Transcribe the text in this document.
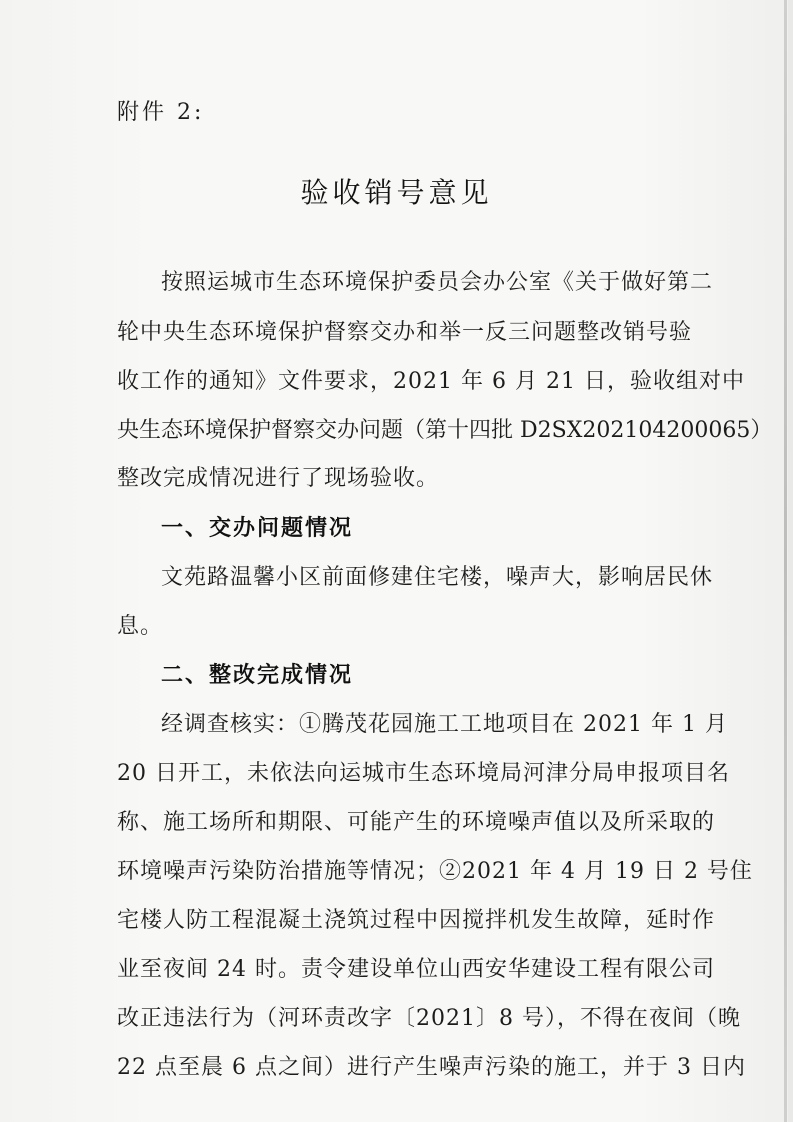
附件 2:
验收销号意见
按照运城市生态环境保护委员会办公室《关于做好第二
轮中央生态环境保护督察交办和举一反三问题整改销号验
收工作的通知》文件要求，2021 年 6 月 21 日，验收组对中
央生态环境保护督察交办问题（第十四批 D2SX202104200065）
整改完成情况进行了现场验收。
一、交办问题情况
文苑路温馨小区前面修建住宅楼，噪声大，影响居民休
息。
二、整改完成情况
经调查核实：①腾茂花园施工工地项目在 2021 年 1 月
20 日开工，未依法向运城市生态环境局河津分局申报项目名
称、施工场所和期限、可能产生的环境噪声值以及所采取的
环境噪声污染防治措施等情况；②2021 年 4 月 19 日 2 号住
宅楼人防工程混凝土浇筑过程中因搅拌机发生故障，延时作
业至夜间 24 时。责令建设单位山西安华建设工程有限公司
改正违法行为（河环责改字〔2021〕8 号），不得在夜间（晚
22 点至晨 6 点之间）进行产生噪声污染的施工，并于 3 日内
